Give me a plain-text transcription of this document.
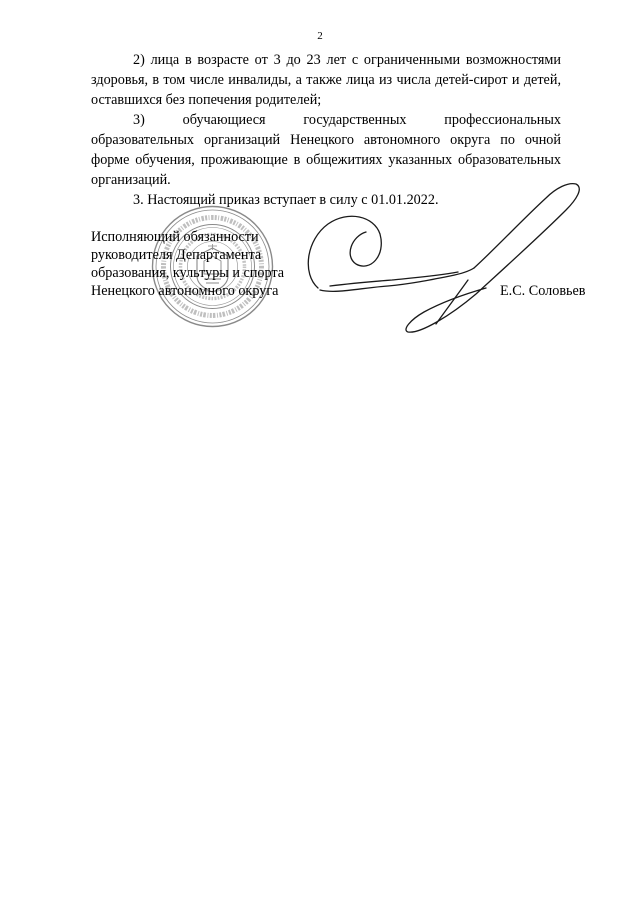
2

2) лица в возрасте от 3 до 23 лет с ограниченными возможностями здоровья, в том числе инвалиды, а также лица из числа детей-сирот и детей, оставшихся без попечения родителей;

3) обучающиеся государственных профессиональных образовательных организаций Ненецкого автономного округа по очной форме обучения, проживающие в общежитиях указанных образовательных организаций.

3. Настоящий приказ вступает в силу с 01.01.2022.

Исполняющий обязанности
руководителя Департамента
образования, культуры и спорта
Ненецкого автономного округа	Е.С. Соловьев
